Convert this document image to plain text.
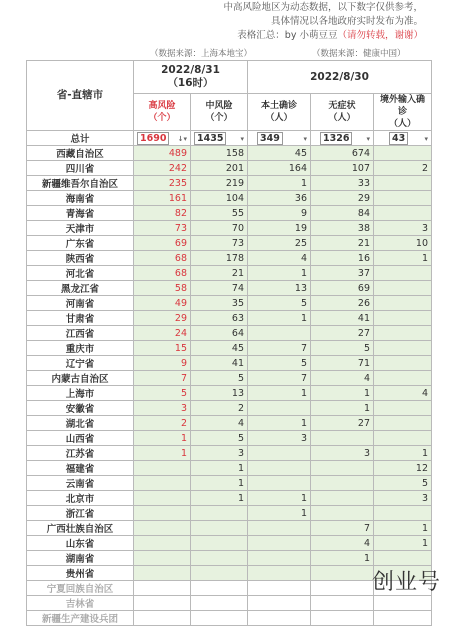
中高风险地区为动态数据，以下数字仅供参考，
具体情况以各地政府实时发布为准。
表格汇总：by 小萌豆豆（请勿转载，谢谢）
（数据来源：上海本地宝）	（数据来源：健康中国）
省-直辖市	2022/8/31
（16时）		2022/8/30		
	高风险
（个）	中风险
（个）	本土确诊
（人）	无症状
（人）	境外输入确诊
（人）
总计	1690 ↓▾	1435 ▾	349 ▾	1326 ▾	43 ▾

西藏自治区	489	158	45	674	
四川省	242	201	164	107	2
新疆维吾尔自治区	235	219	1	33	
海南省	161	104	36	29	
青海省	82	55	9	84	
天津市	73	70	19	38	3
广东省	69	73	25	21	10
陕西省	68	178	4	16	1
河北省	68	21	1	37	
黑龙江省	58	74	13	69	
河南省	49	35	5	26	
甘肃省	29	63	1	41	
江西省	24	64		27	
重庆市	15	45	7	5	
辽宁省	9	41	5	71	
内蒙古自治区	7	5	7	4	
上海市	5	13	1	1	4
安徽省	3	2		1	
湖北省	2	4	1	27	
山西省	1	5	3		
江苏省	1	3		3	1
福建省		1			12
云南省		1			5
北京市		1	1		3
浙江省			1		
广西壮族自治区				7	1
山东省				4	1
湖南省				1	
贵州省					
宁夏回族自治区					
吉林省					
新疆生产建设兵团					
创业号
